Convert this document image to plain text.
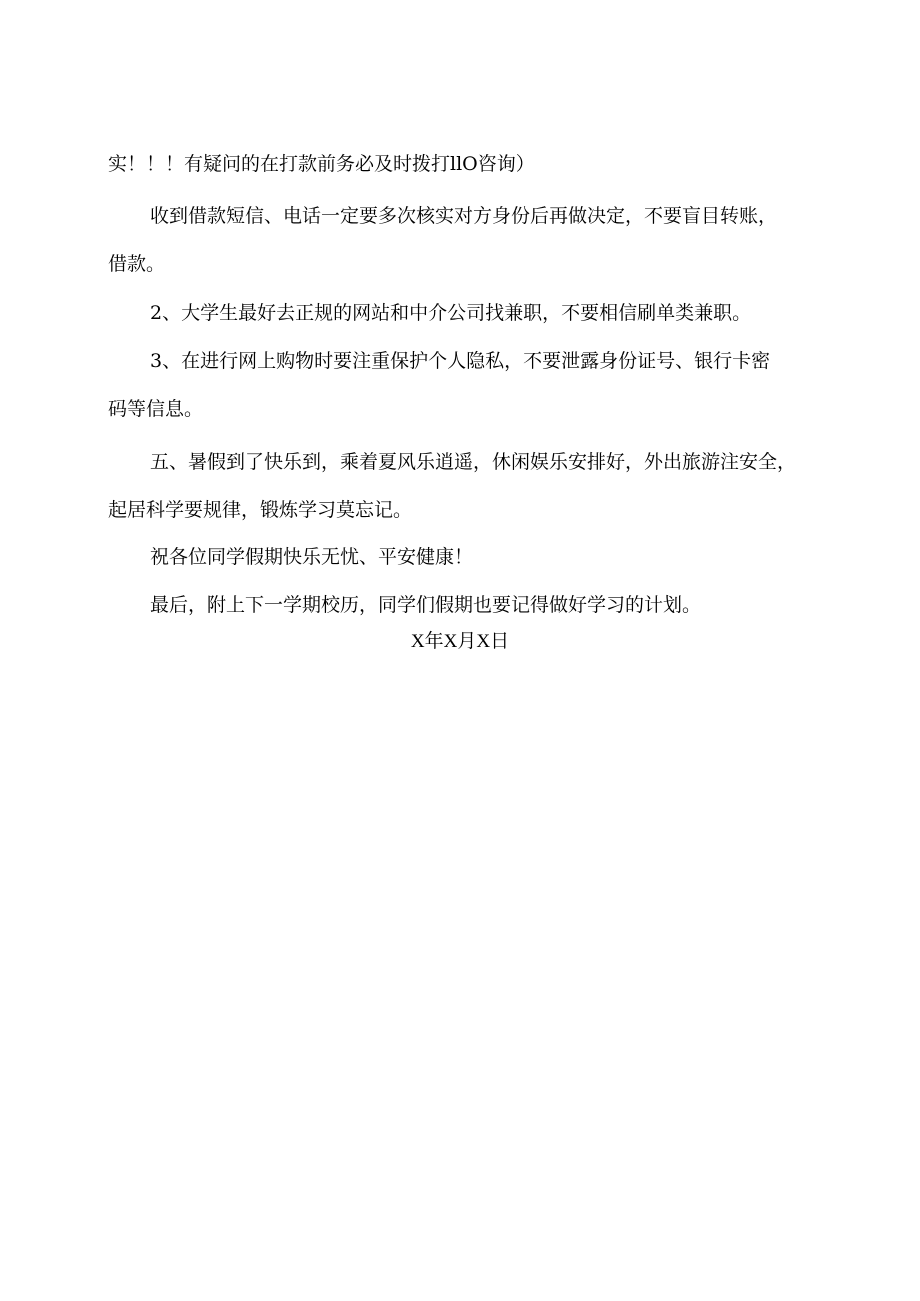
实！！！有疑问的在打款前务必及时拨打llO咨询）

收到借款短信、电话一定要多次核实对方身份后再做决定，不要盲目转账，

借款。

2、大学生最好去正规的网站和中介公司找兼职，不要相信刷单类兼职。

3、在进行网上购物时要注重保护个人隐私，不要泄露身份证号、银行卡密

码等信息。

五、暑假到了快乐到，乘着夏风乐逍遥，休闲娱乐安排好，外出旅游注安全，

起居科学要规律，锻炼学习莫忘记。

祝各位同学假期快乐无忧、平安健康！

最后，附上下一学期校历，同学们假期也要记得做好学习的计划。

X年X月X日
